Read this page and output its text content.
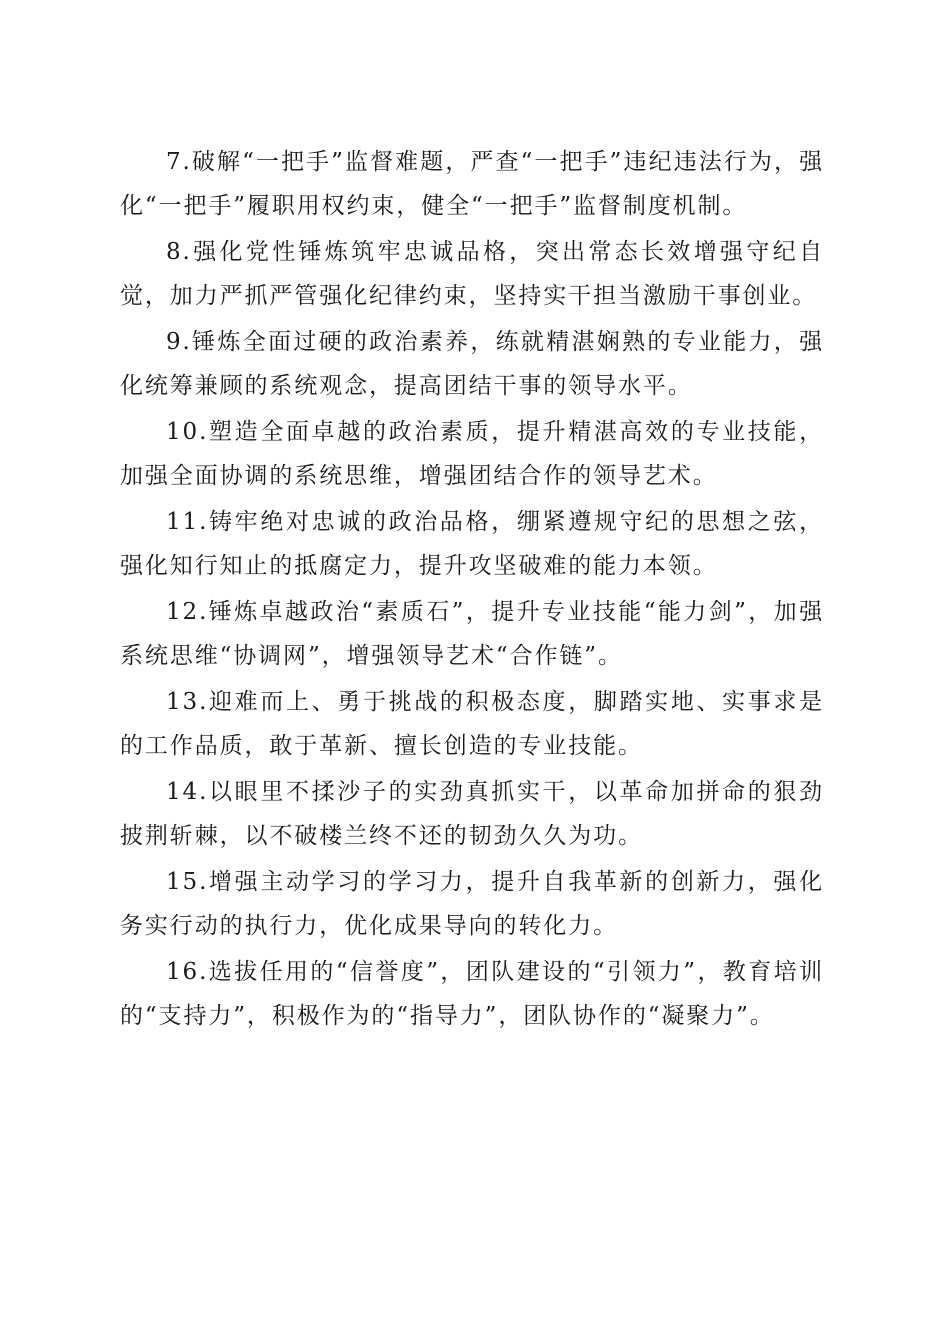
7.破解“一把手”监督难题，严查“一把手”违纪违法行为，强化“一把手”履职用权约束，健全“一把手”监督制度机制。

8.强化党性锤炼筑牢忠诚品格，突出常态长效增强守纪自觉，加力严抓严管强化纪律约束，坚持实干担当激励干事创业。

9.锤炼全面过硬的政治素养，练就精湛娴熟的专业能力，强化统筹兼顾的系统观念，提高团结干事的领导水平。

10.塑造全面卓越的政治素质，提升精湛高效的专业技能，加强全面协调的系统思维，增强团结合作的领导艺术。

11.铸牢绝对忠诚的政治品格，绷紧遵规守纪的思想之弦，强化知行知止的抵腐定力，提升攻坚破难的能力本领。

12.锤炼卓越政治“素质石”，提升专业技能“能力剑”，加强系统思维“协调网”，增强领导艺术“合作链”。

13.迎难而上、勇于挑战的积极态度，脚踏实地、实事求是的工作品质，敢于革新、擅长创造的专业技能。

14.以眼里不揉沙子的实劲真抓实干，以革命加拼命的狠劲披荆斩棘，以不破楼兰终不还的韧劲久久为功。

15.增强主动学习的学习力，提升自我革新的创新力，强化务实行动的执行力，优化成果导向的转化力。

16.选拔任用的“信誉度”，团队建设的“引领力”，教育培训的“支持力”，积极作为的“指导力”，团队协作的“凝聚力”。
